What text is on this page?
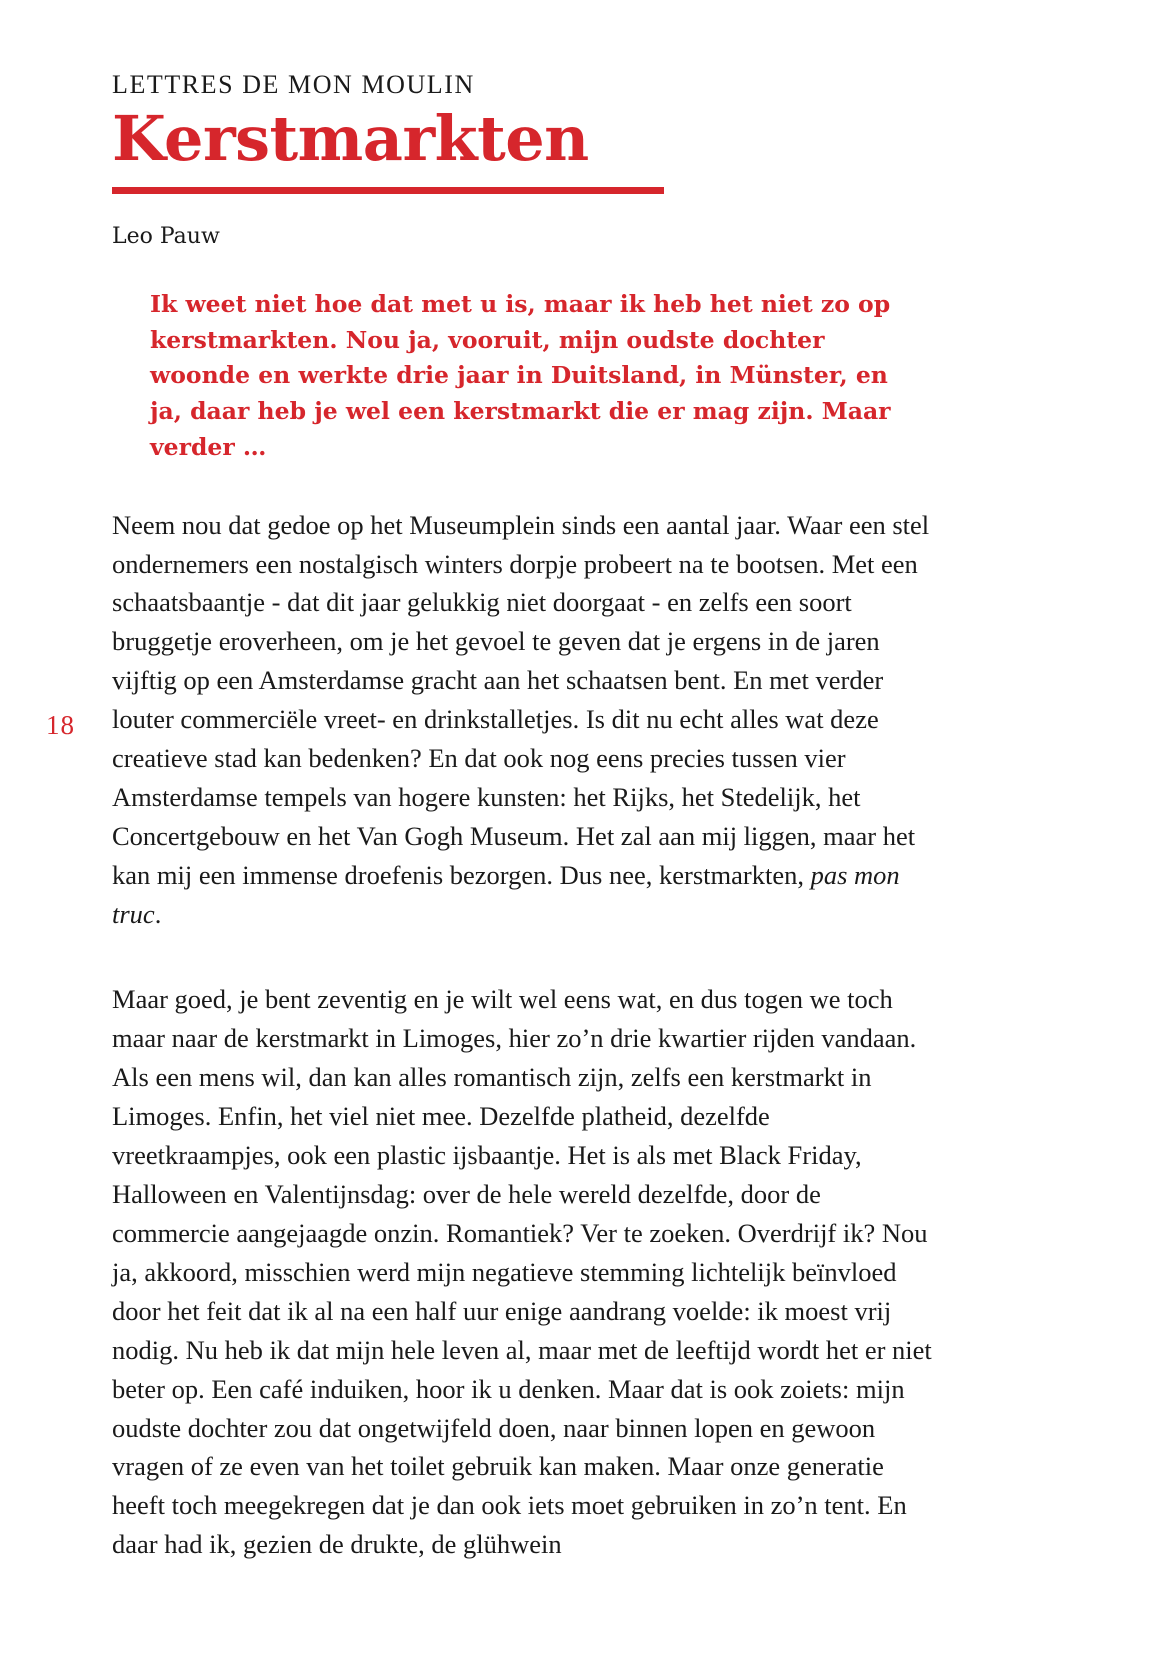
18
LETTRES DE MON MOULIN
Kerstmarkten
Leo Pauw
Ik weet niet hoe dat met u is, maar ik heb het niet zo op kerstmarkten. Nou ja, vooruit, mijn oudste dochter woonde en werkte drie jaar in Duitsland, in Münster, en ja, daar heb je wel een kerstmarkt die er mag zijn. Maar verder …

Neem nou dat gedoe op het Museumplein sinds een aantal jaar. Waar een stel ondernemers een nostalgisch winters dorpje probeert na te bootsen. Met een schaatsbaantje - dat dit jaar gelukkig niet doorgaat - en zelfs een soort bruggetje eroverheen, om je het gevoel te geven dat je ergens in de jaren vijftig op een Amsterdamse gracht aan het schaatsen bent. En met verder louter commerciële vreet- en drinkstalletjes. Is dit nu echt alles wat deze creatieve stad kan bedenken? En dat ook nog eens precies tussen vier Amsterdamse tempels van hogere kunsten: het Rijks, het Stedelijk, het Concertgebouw en het Van Gogh Museum. Het zal aan mij liggen, maar het kan mij een immense droefenis bezorgen. Dus nee, kerstmarkten, pas mon truc.

Maar goed, je bent zeventig en je wilt wel eens wat, en dus togen we toch maar naar de kerstmarkt in Limoges, hier zo’n drie kwartier rijden vandaan. Als een mens wil, dan kan alles romantisch zijn, zelfs een kerstmarkt in Limoges. Enfin, het viel niet mee. Dezelfde platheid, dezelfde vreetkraampjes, ook een plastic ijsbaantje. Het is als met Black Friday, Halloween en Valentijnsdag: over de hele wereld dezelfde, door de commercie aangejaagde onzin. Romantiek? Ver te zoeken. Overdrijf ik? Nou ja, akkoord, misschien werd mijn negatieve stemming lichtelijk beïnvloed door het feit dat ik al na een half uur enige aandrang voelde: ik moest vrij nodig. Nu heb ik dat mijn hele leven al, maar met de leeftijd wordt het er niet beter op. Een café induiken, hoor ik u denken. Maar dat is ook zoiets: mijn oudste dochter zou dat ongetwijfeld doen, naar binnen lopen en gewoon vragen of ze even van het toilet gebruik kan maken. Maar onze generatie heeft toch meegekregen dat je dan ook iets moet gebruiken in zo’n tent. En daar had ik, gezien de drukte, de glühwein
